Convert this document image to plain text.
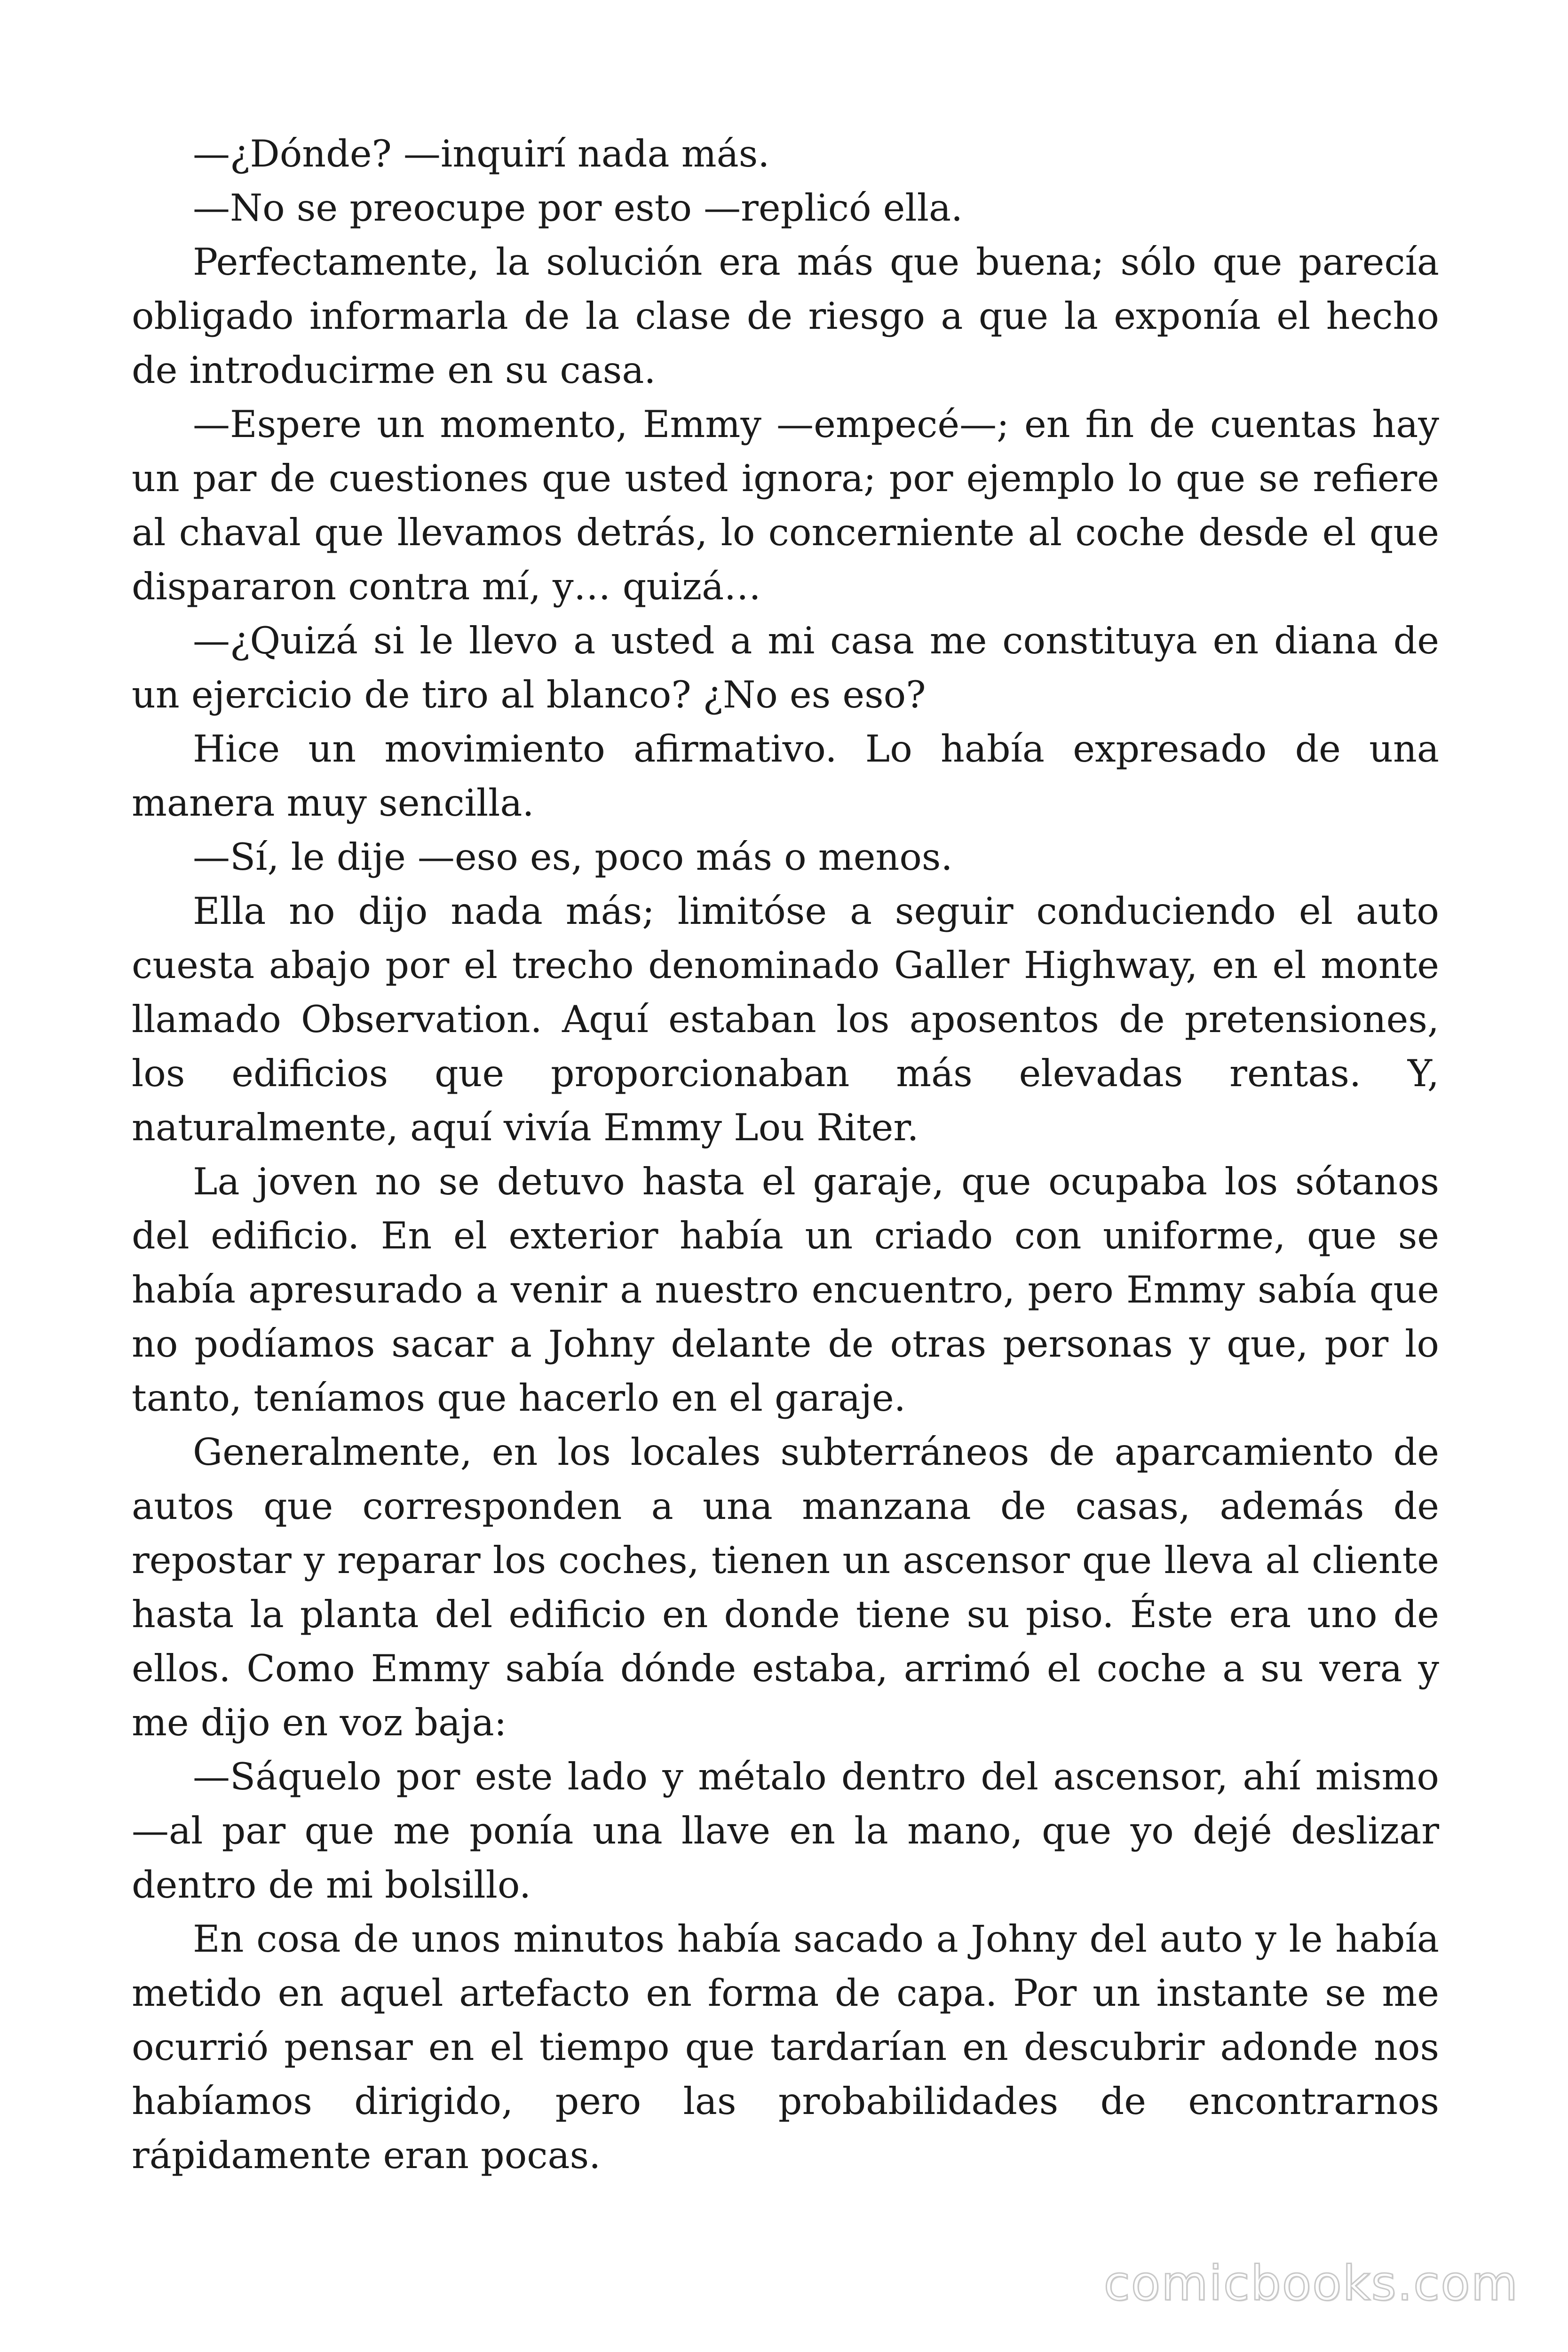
—¿Dónde? —inquirí nada más.

—No se preocupe por esto —replicó ella.

Perfectamente, la solución era más que buena; sólo que parecía obligado informarla de la clase de riesgo a que la exponía el hecho de introducirme en su casa.

—Espere un momento, Emmy —empecé—; en fin de cuentas hay un par de cuestiones que usted ignora; por ejemplo lo que se refiere al chaval que llevamos detrás, lo concerniente al coche desde el que dispararon contra mí, y… quizá…

—¿Quizá si le llevo a usted a mi casa me constituya en diana de un ejercicio de tiro al blanco? ¿No es eso?

Hice un movimiento afirmativo. Lo había expresado de una manera muy sencilla.

—Sí, le dije —eso es, poco más o menos.

Ella no dijo nada más; limitóse a seguir conduciendo el auto cuesta abajo por el trecho denominado Galler Highway, en el monte llamado Observation. Aquí estaban los aposentos de pretensiones, los edificios que proporcionaban más elevadas rentas. Y, naturalmente, aquí vivía Emmy Lou Riter.

La joven no se detuvo hasta el garaje, que ocupaba los sótanos del edificio. En el exterior había un criado con uniforme, que se había apresurado a venir a nuestro encuentro, pero Emmy sabía que no podíamos sacar a Johny delante de otras personas y que, por lo tanto, teníamos que hacerlo en el garaje.

Generalmente, en los locales subterráneos de aparcamiento de autos que corresponden a una manzana de casas, además de repostar y reparar los coches, tienen un ascensor que lleva al cliente hasta la planta del edificio en donde tiene su piso. Éste era uno de ellos. Como Emmy sabía dónde estaba, arrimó el coche a su vera y me dijo en voz baja:

—Sáquelo por este lado y métalo dentro del ascensor, ahí mismo —al par que me ponía una llave en la mano, que yo dejé deslizar dentro de mi bolsillo.

En cosa de unos minutos había sacado a Johny del auto y le había metido en aquel artefacto en forma de capa. Por un instante se me ocurrió pensar en el tiempo que tardarían en descubrir adonde nos habíamos dirigido, pero las probabilidades de encontrarnos rápidamente eran pocas.

comicbooks.com
